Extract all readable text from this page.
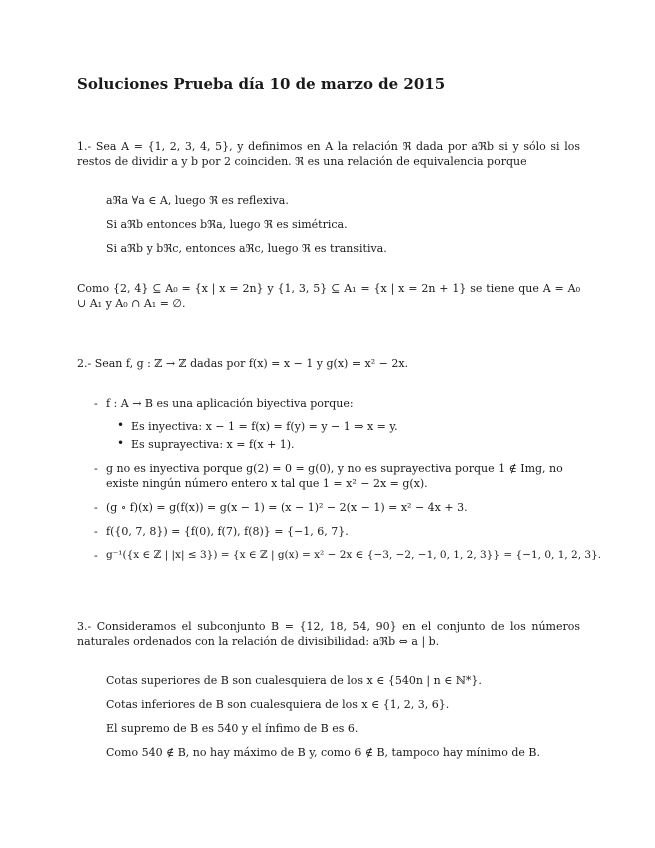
Soluciones Prueba día 10 de marzo de 2015
1.- Sea A = {1, 2, 3, 4, 5}, y definimos en A la relación ℜ dada por aℜb si y sólo si los restos de dividir a y b por 2 coinciden. ℜ es una relación de equivalencia porque
aℜa ∀a ∈ A, luego ℜ es reflexiva.
Si aℜb entonces bℜa, luego ℜ es simétrica.
Si aℜb y bℜc, entonces aℜc, luego ℜ es transitiva.
Como {2, 4} ⊆ A₀ = {x | x = 2n} y {1, 3, 5} ⊆ A₁ = {x | x = 2n + 1} se tiene que A = A₀ ∪ A₁ y A₀ ∩ A₁ = ∅.
2.- Sean f, g : ℤ → ℤ dadas por f(x) = x − 1 y g(x) = x² − 2x.
- f : A → B es una aplicación biyectiva porque:
• Es inyectiva: x − 1 = f(x) = f(y) = y − 1 ⇒ x = y.
• Es suprayectiva: x = f(x + 1).
- g no es inyectiva porque g(2) = 0 = g(0), y no es suprayectiva porque 1 ∉ Img, no existe ningún número entero x tal que 1 = x² − 2x = g(x).
- (g ∘ f)(x) = g(f(x)) = g(x − 1) = (x − 1)² − 2(x − 1) = x² − 4x + 3.
- f({0, 7, 8}) = {f(0), f(7), f(8)} = {−1, 6, 7}.
- g⁻¹({x ∈ ℤ | |x| ≤ 3}) = {x ∈ ℤ | g(x) = x² − 2x ∈ {−3, −2, −1, 0, 1, 2, 3}} = {−1, 0, 1, 2, 3}.
3.- Consideramos el subconjunto B = {12, 18, 54, 90} en el conjunto de los números naturales ordenados con la relación de divisibilidad: aℜb ⇔ a | b.
Cotas superiores de B son cualesquiera de los x ∈ {540n | n ∈ ℕ*}.
Cotas inferiores de B son cualesquiera de los x ∈ {1, 2, 3, 6}.
El supremo de B es 540 y el ínfimo de B es 6.
Como 540 ∉ B, no hay máximo de B y, como 6 ∉ B, tampoco hay mínimo de B.
